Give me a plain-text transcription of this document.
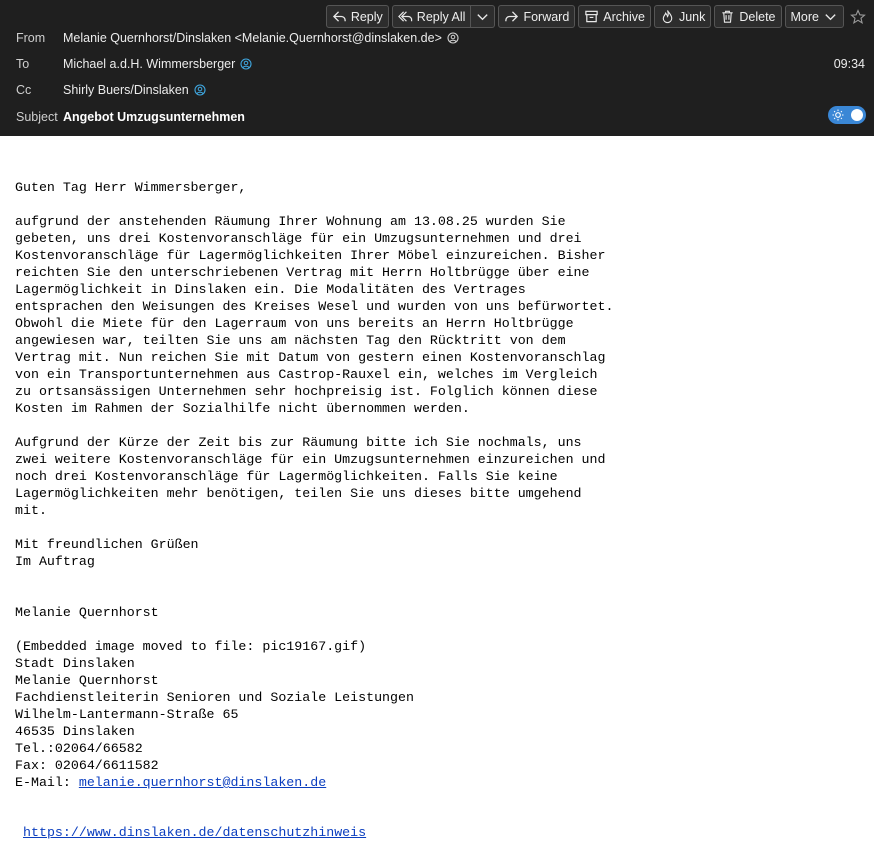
Reply	Reply All	Forward	Archive	Junk	Delete More
From	Melanie Quernhorst/Dinslaken <Melanie.Quernhorst@dinslaken.de>
To	Michael a.d.H. Wimmersberger	09:34
Cc	Shirly Buers/Dinslaken
Subject Angebot Umzugsunternehmen
Guten Tag Herr Wimmersberger,

aufgrund der anstehenden Räumung Ihrer Wohnung am 13.08.25 wurden Sie
gebeten, uns drei Kostenvoranschläge für ein Umzugsunternehmen und drei
Kostenvoranschläge für Lagermöglichkeiten Ihrer Möbel einzureichen. Bisher
reichten Sie den unterschriebenen Vertrag mit Herrn Holtbrügge über eine
Lagermöglichkeit in Dinslaken ein. Die Modalitäten des Vertrages
entsprachen den Weisungen des Kreises Wesel und wurden von uns befürwortet.
Obwohl die Miete für den Lagerraum von uns bereits an Herrn Holtbrügge
angewiesen war, teilten Sie uns am nächsten Tag den Rücktritt von dem
Vertrag mit. Nun reichen Sie mit Datum von gestern einen Kostenvoranschlag
von ein Transportunternehmen aus Castrop-Rauxel ein, welches im Vergleich
zu ortsansässigen Unternehmen sehr hochpreisig ist. Folglich können diese
Kosten im Rahmen der Sozialhilfe nicht übernommen werden.

Aufgrund der Kürze der Zeit bis zur Räumung bitte ich Sie nochmals, uns
zwei weitere Kostenvoranschläge für ein Umzugsunternehmen einzureichen und
noch drei Kostenvoranschläge für Lagermöglichkeiten. Falls Sie keine
Lagermöglichkeiten mehr benötigen, teilen Sie uns dieses bitte umgehend
mit.

Mit freundlichen Grüßen
Im Auftrag

Melanie Quernhorst

(Embedded image moved to file: pic19167.gif)
Stadt Dinslaken
Melanie Quernhorst
Fachdienstleiterin Senioren und Soziale Leistungen
Wilhelm-Lantermann-Straße 65
46535 Dinslaken
Tel.:02064/66582
Fax: 02064/6611582
E-Mail: melanie.quernhorst@dinslaken.de
https://www.dinslaken.de/datenschutzhinweis
